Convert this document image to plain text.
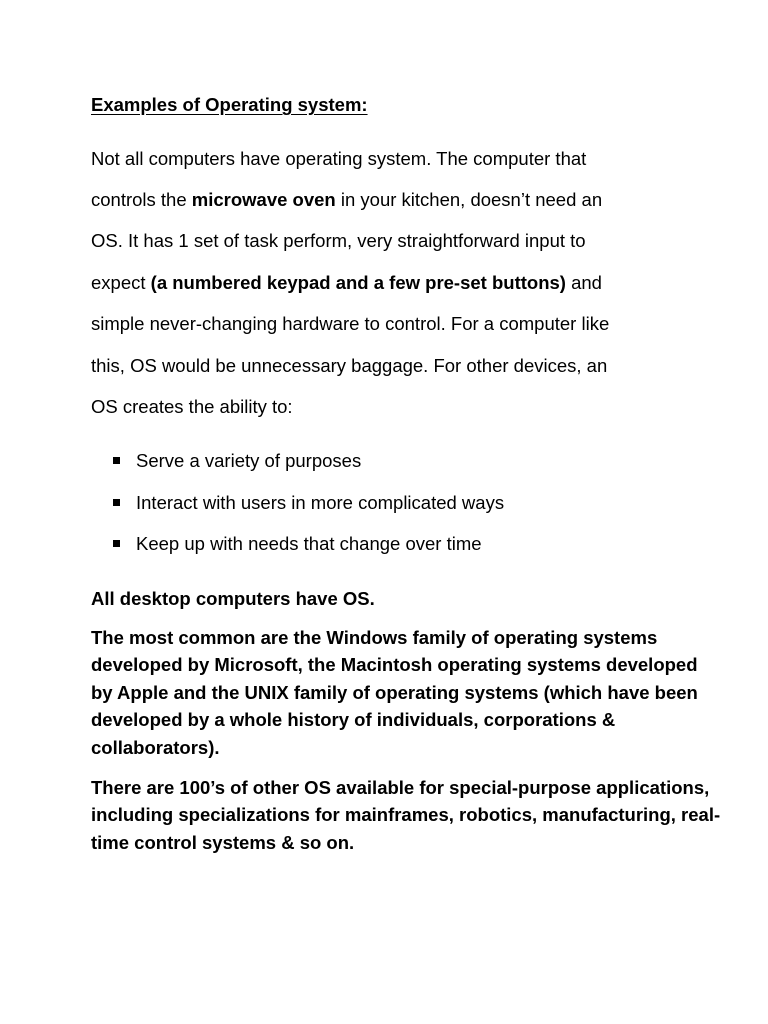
Examples of Operating system:
Not all computers have operating system. The computer that
controls the microwave oven in your kitchen, doesn’t need an
OS. It has 1 set of task perform, very straightforward input to
expect (a numbered keypad and a few pre-set buttons) and
simple never-changing hardware to control. For a computer like
this, OS would be unnecessary baggage. For other devices, an
OS creates the ability to:
Serve a variety of purposes
Interact with users in more complicated ways
Keep up with needs that change over time

All desktop computers have OS.

The most common are the Windows family of operating systems developed by Microsoft, the Macintosh operating systems developed by Apple and the UNIX family of operating systems (which have been developed by a whole history of individuals, corporations & collaborators).

There are 100’s of other OS available for special-purpose applications, including specializations for mainframes, robotics, manufacturing, real-time control systems & so on.
